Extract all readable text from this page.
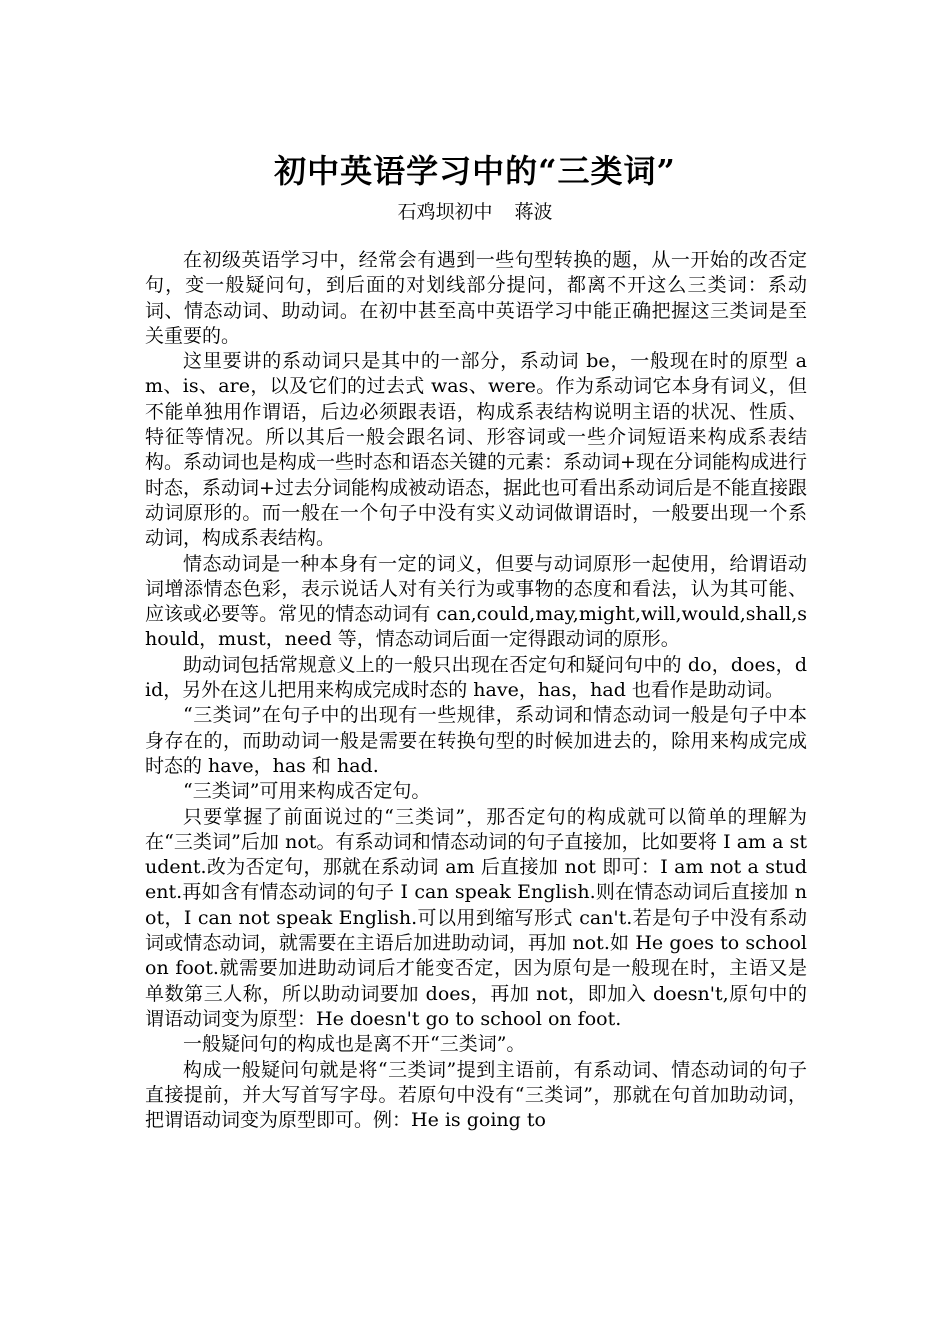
初中英语学习中的“三类词”
石鸡坝初中 蒋波

在初级英语学习中，经常会有遇到一些句型转换的题，从一开始的改否定句，变一般疑问句，到后面的对划线部分提问，都离不开这么三类词：系动词、情态动词、助动词。在初中甚至高中英语学习中能正确把握这三类词是至关重要的。

这里要讲的系动词只是其中的一部分，系动词 be，一般现在时的原型 am、is、are，以及它们的过去式 was、were。作为系动词它本身有词义，但不能单独用作谓语，后边必须跟表语，构成系表结构说明主语的状况、性质、特征等情况。所以其后一般会跟名词、形容词或一些介词短语来构成系表结构。系动词也是构成一些时态和语态关键的元素：系动词+现在分词能构成进行时态，系动词+过去分词能构成被动语态，据此也可看出系动词后是不能直接跟动词原形的。而一般在一个句子中没有实义动词做谓语时，一般要出现一个系动词，构成系表结构。

情态动词是一种本身有一定的词义，但要与动词原形一起使用，给谓语动词增添情态色彩，表示说话人对有关行为或事物的态度和看法，认为其可能、应该或必要等。常见的情态动词有 can,could,may,might,will,would,shall,should，must，need 等，情态动词后面一定得跟动词的原形。

助动词包括常规意义上的一般只出现在否定句和疑问句中的 do，does，did，另外在这儿把用来构成完成时态的 have，has，had 也看作是助动词。

“三类词”在句子中的出现有一些规律，系动词和情态动词一般是句子中本身存在的，而助动词一般是需要在转换句型的时候加进去的，除用来构成完成时态的 have，has 和 had.

“三类词”可用来构成否定句。

只要掌握了前面说过的“三类词”，那否定句的构成就可以简单的理解为在“三类词”后加 not。有系动词和情态动词的句子直接加，比如要将 I am a student.改为否定句，那就在系动词 am 后直接加 not 即可：I am not a student.再如含有情态动词的句子 I can speak English.则在情态动词后直接加 not，I can not speak English.可以用到缩写形式 can't.若是句子中没有系动词或情态动词，就需要在主语后加进助动词，再加 not.如 He goes to school on foot.就需要加进助动词后才能变否定，因为原句是一般现在时，主语又是单数第三人称，所以助动词要加 does，再加 not，即加入 doesn't,原句中的谓语动词变为原型：He doesn't go to school on foot.

一般疑问句的构成也是离不开“三类词”。

构成一般疑问句就是将“三类词”提到主语前，有系动词、情态动词的句子直接提前，并大写首写字母。若原句中没有“三类词”，那就在句首加助动词，把谓语动词变为原型即可。例：He is going to
